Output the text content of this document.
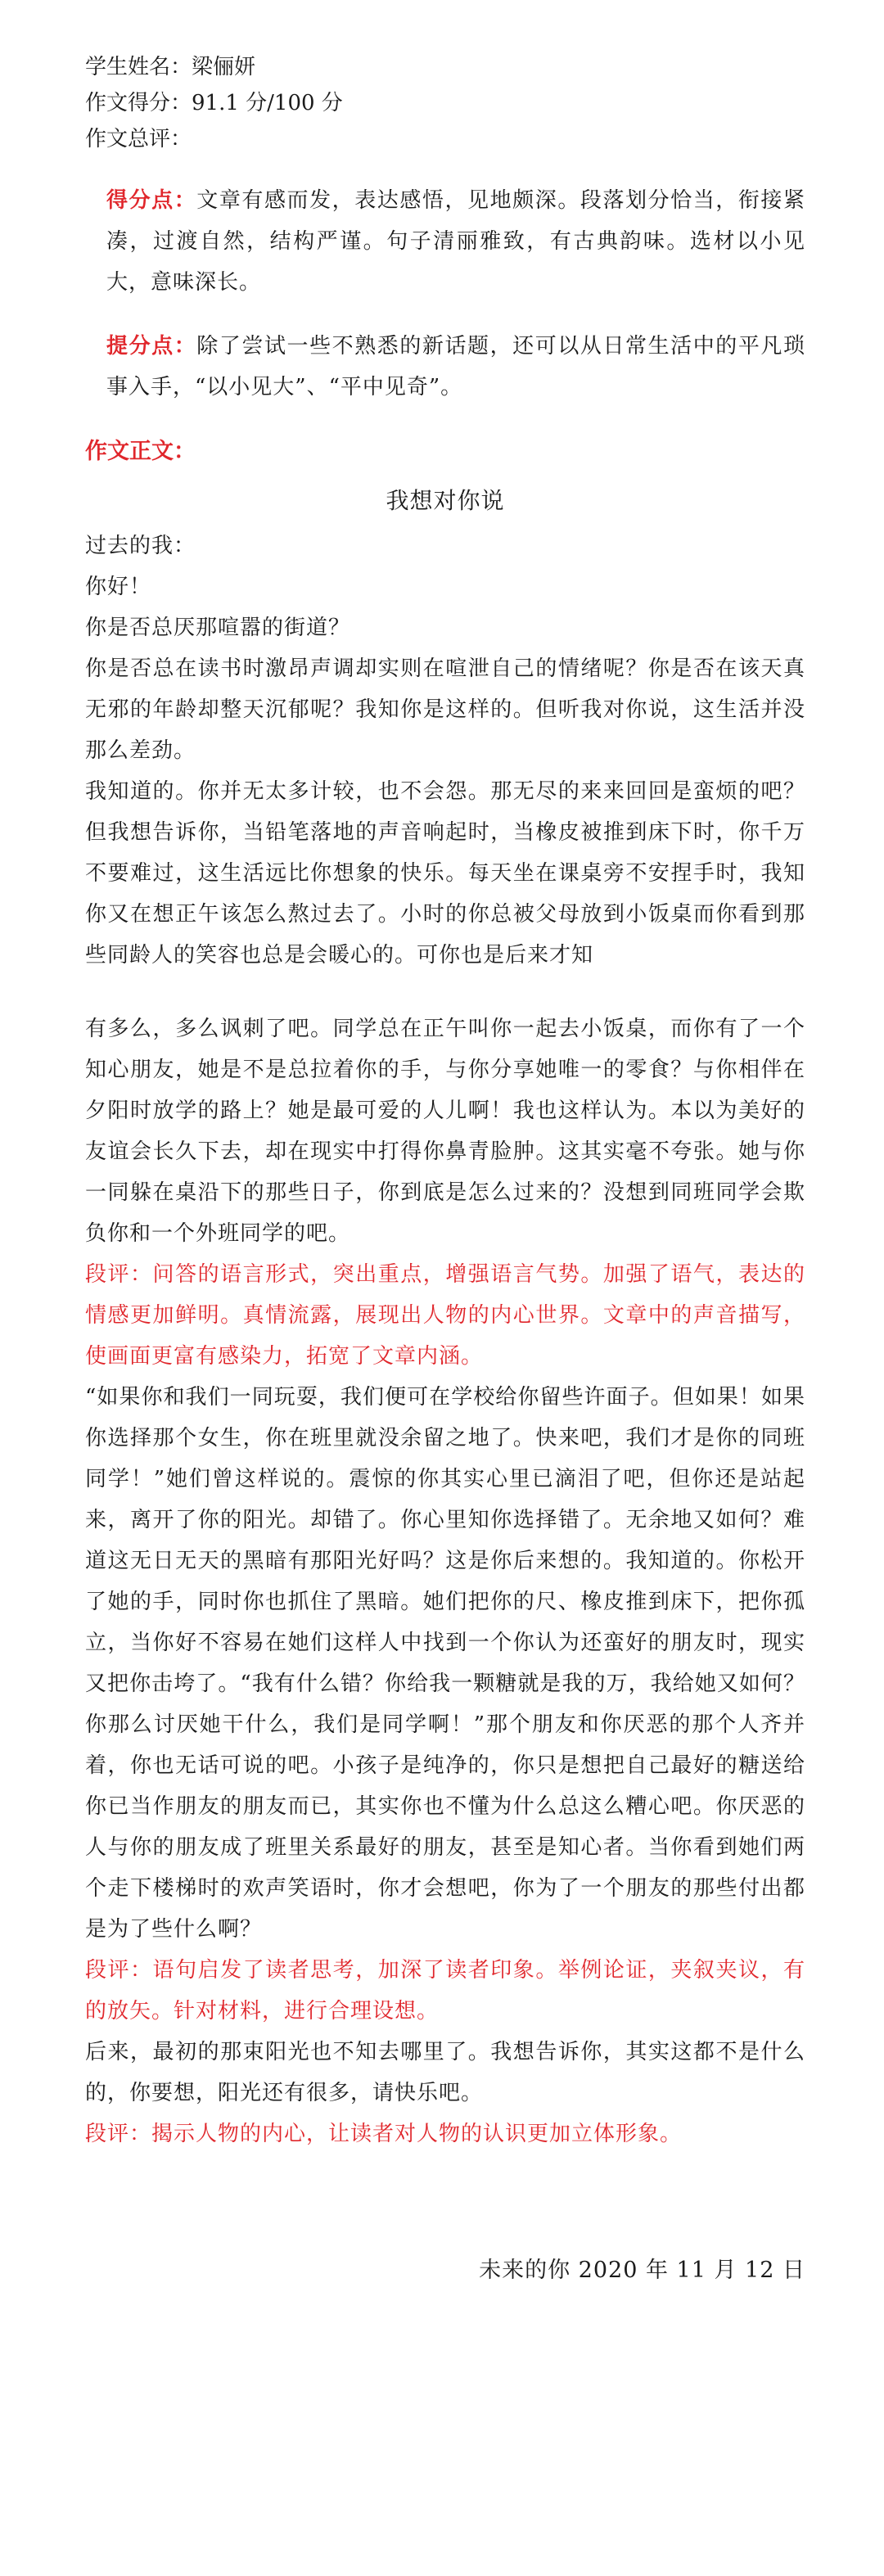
学生姓名：梁俪妍

作文得分：91.1 分/100 分

作文总评：

得分点：文章有感而发，表达感悟，见地颇深。段落划分恰当，衔接紧凑，过渡自然，结构严谨。句子清丽雅致，有古典韵味。选材以小见大，意味深长。

提分点：除了尝试一些不熟悉的新话题，还可以从日常生活中的平凡琐事入手，“以小见大”、“平中见奇”。

作文正文：

我想对你说

过去的我：

你好！

你是否总厌那喧嚣的街道？

你是否总在读书时激昂声调却实则在喧泄自己的情绪呢？你是否在该天真无邪的年龄却整天沉郁呢？我知你是这样的。但听我对你说，这生活并没那么差劲。

我知道的。你并无太多计较，也不会怨。那无尽的来来回回是蛮烦的吧？但我想告诉你，当铅笔落地的声音响起时，当橡皮被推到床下时，你千万不要难过，这生活远比你想象的快乐。每天坐在课桌旁不安捏手时，我知你又在想正午该怎么熬过去了。小时的你总被父母放到小饭桌而你看到那些同龄人的笑容也总是会暖心的。可你也是后来才知

有多么，多么讽刺了吧。同学总在正午叫你一起去小饭桌，而你有了一个知心朋友，她是不是总拉着你的手，与你分享她唯一的零食？与你相伴在夕阳时放学的路上？她是最可爱的人儿啊！我也这样认为。本以为美好的友谊会长久下去，却在现实中打得你鼻青脸肿。这其实毫不夸张。她与你一同躲在桌沿下的那些日子，你到底是怎么过来的？没想到同班同学会欺负你和一个外班同学的吧。

段评：问答的语言形式，突出重点，增强语言气势。加强了语气，表达的情感更加鲜明。真情流露，展现出人物的内心世界。文章中的声音描写，使画面更富有感染力，拓宽了文章内涵。

“如果你和我们一同玩耍，我们便可在学校给你留些许面子。但如果！如果你选择那个女生，你在班里就没余留之地了。快来吧，我们才是你的同班同学！”她们曾这样说的。震惊的你其实心里已滴泪了吧，但你还是站起来，离开了你的阳光。却错了。你心里知你选择错了。无余地又如何？难道这无日无天的黑暗有那阳光好吗？这是你后来想的。我知道的。你松开了她的手，同时你也抓住了黑暗。她们把你的尺、橡皮推到床下，把你孤立，当你好不容易在她们这样人中找到一个你认为还蛮好的朋友时，现实又把你击垮了。“我有什么错？你给我一颗糖就是我的万，我给她又如何？你那么讨厌她干什么，我们是同学啊！”那个朋友和你厌恶的那个人齐并着，你也无话可说的吧。小孩子是纯净的，你只是想把自己最好的糖送给你已当作朋友的朋友而已，其实你也不懂为什么总这么糟心吧。你厌恶的人与你的朋友成了班里关系最好的朋友，甚至是知心者。当你看到她们两个走下楼梯时的欢声笑语时，你才会想吧，你为了一个朋友的那些付出都是为了些什么啊？

段评：语句启发了读者思考，加深了读者印象。举例论证，夹叙夹议，有的放矢。针对材料，进行合理设想。

后来，最初的那束阳光也不知去哪里了。我想告诉你，其实这都不是什么的，你要想，阳光还有很多，请快乐吧。

段评：揭示人物的内心，让读者对人物的认识更加立体形象。

未来的你 2020 年 11 月 12 日
